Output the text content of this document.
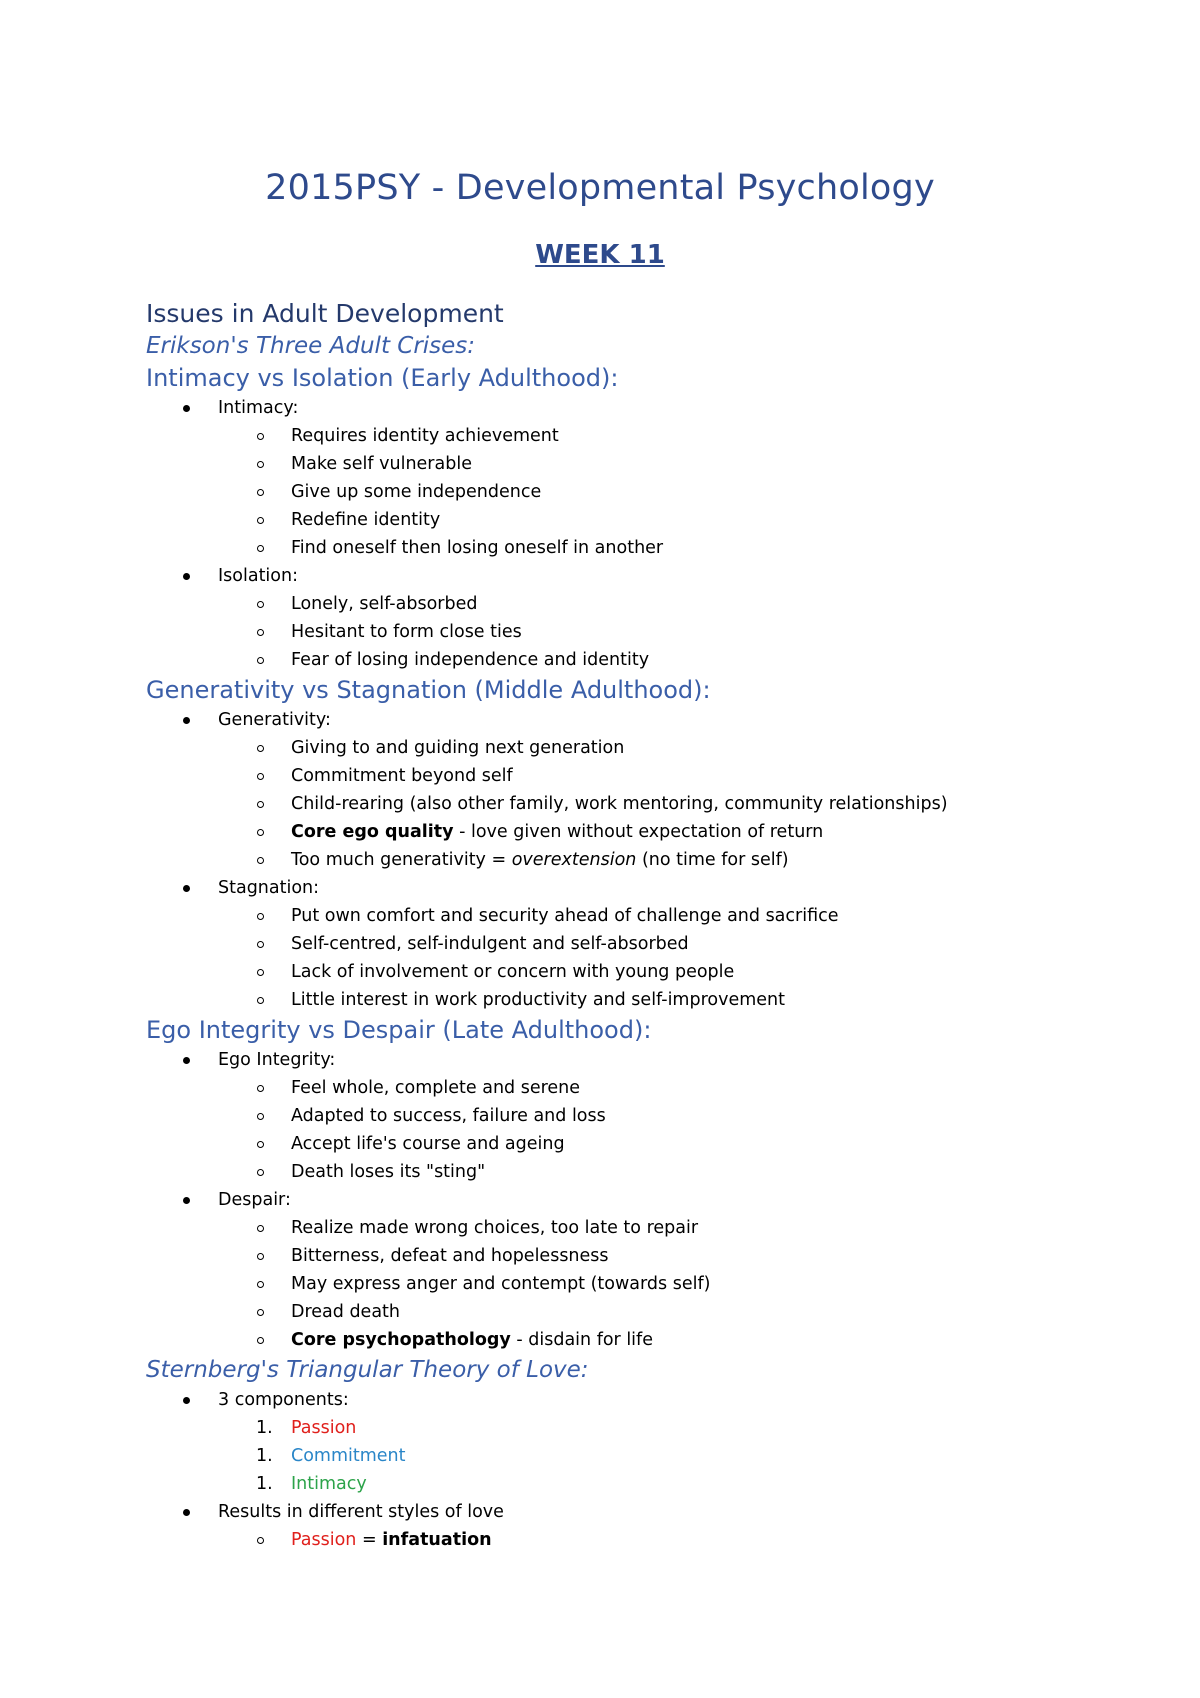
2015PSY - Developmental Psychology
WEEK 11
Issues in Adult Development
Erikson's Three Adult Crises:
Intimacy vs Isolation (Early Adulthood):
Intimacy:
Requires identity achievement
Make self vulnerable
Give up some independence
Redefine identity
Find oneself then losing oneself in another
Isolation:
Lonely, self-absorbed
Hesitant to form close ties
Fear of losing independence and identity
Generativity vs Stagnation (Middle Adulthood):
Generativity:
Giving to and guiding next generation
Commitment beyond self
Child-rearing (also other family, work mentoring, community relationships)
Core ego quality - love given without expectation of return
Too much generativity = overextension (no time for self)
Stagnation:
Put own comfort and security ahead of challenge and sacrifice
Self-centred, self-indulgent and self-absorbed
Lack of involvement or concern with young people
Little interest in work productivity and self-improvement
Ego Integrity vs Despair (Late Adulthood):
Ego Integrity:
Feel whole, complete and serene
Adapted to success, failure and loss
Accept life's course and ageing
Death loses its "sting"
Despair:
Realize made wrong choices, too late to repair
Bitterness, defeat and hopelessness
May express anger and contempt (towards self)
Dread death
Core psychopathology - disdain for life
Sternberg's Triangular Theory of Love:
3 components:
1. Passion
1. Commitment
1. Intimacy
Results in different styles of love
Passion = infatuation
